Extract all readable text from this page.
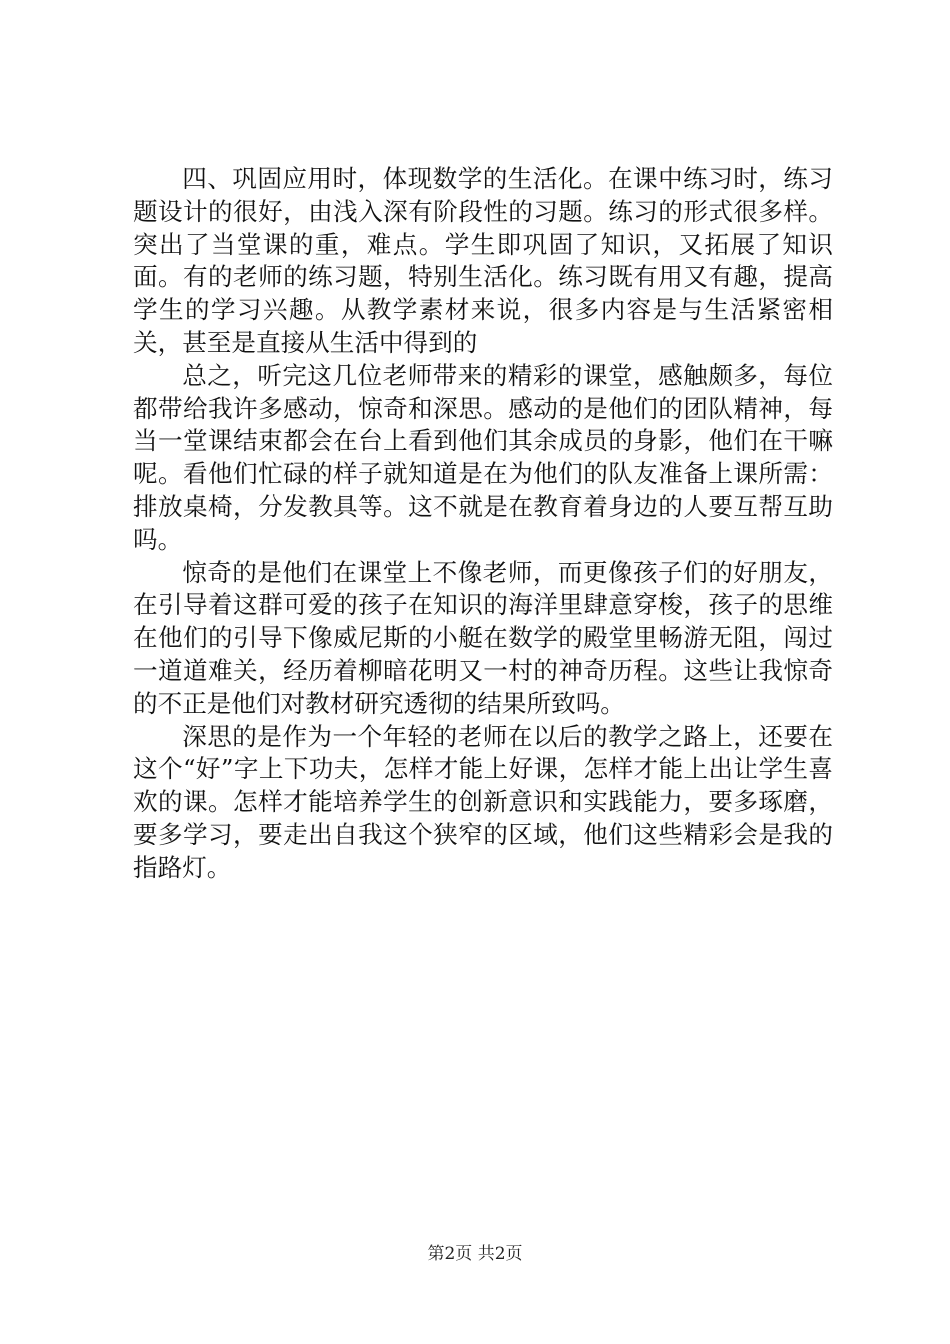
四、巩固应用时，体现数学的生活化。在课中练习时，练习题设计的很好，由浅入深有阶段性的习题。练习的形式很多样。突出了当堂课的重，难点。学生即巩固了知识，又拓展了知识面。有的老师的练习题，特别生活化。练习既有用又有趣，提高学生的学习兴趣。从教学素材来说，很多内容是与生活紧密相关，甚至是直接从生活中得到的

总之，听完这几位老师带来的精彩的课堂，感触颇多，每位都带给我许多感动，惊奇和深思。感动的是他们的团队精神，每当一堂课结束都会在台上看到他们其余成员的身影，他们在干嘛呢。看他们忙碌的样子就知道是在为他们的队友准备上课所需：排放桌椅，分发教具等。这不就是在教育着身边的人要互帮互助吗。

惊奇的是他们在课堂上不像老师，而更像孩子们的好朋友，在引导着这群可爱的孩子在知识的海洋里肆意穿梭，孩子的思维在他们的引导下像威尼斯的小艇在数学的殿堂里畅游无阻，闯过一道道难关，经历着柳暗花明又一村的神奇历程。这些让我惊奇的不正是他们对教材研究透彻的结果所致吗。

深思的是作为一个年轻的老师在以后的教学之路上，还要在这个“好”字上下功夫，怎样才能上好课，怎样才能上出让学生喜欢的课。怎样才能培养学生的创新意识和实践能力，要多琢磨，要多学习，要走出自我这个狭窄的区域，他们这些精彩会是我的指路灯。

第2页 共2页
